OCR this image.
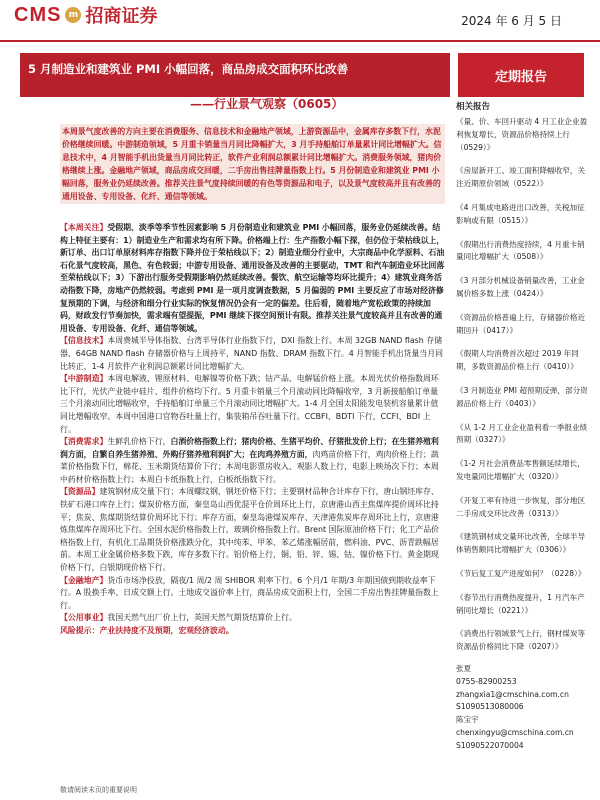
CMS m 招商证券	2024 年 6 月 5 日
5 月制造业和建筑业 PMI 小幅回落，商品房成交面积环比改善
——行业景气观察（0605）
定期报告
本周景气度改善的方向主要在消费服务、信息技术和金融地产领域，上游资源品中，金属库存多数下行，水泥价格继续回暖。中游制造领域，5 月重卡销量当月同比降幅扩大，3 月手持船舶订单量累计同比增幅扩大。信息技术中，4 月智能手机出货量当月同比转正，软件产业利润总额累计同比增幅扩大。消费服务领域，猪肉价格继续上涨。金融地产领域，商品房成交回暖，二手房出售挂牌量指数上行。5 月份制造业和建筑业 PMI 小幅回落，服务业仍延续改善。推荐关注景气度持续回暖的有色等资源品和电子，以及景气度较高并且有改善的通用设备、专用设备、化纤、通信等领域。

【本周关注】受假期、淡季等季节性因素影响 5 月份制造业和建筑业 PMI 小幅回落，服务业仍延续改善。结构上特征主要有：1）制造业生产和需求均有所下降。价格端上行：生产指数小幅下探，但仍位于荣枯线以上，新订单、出口订单原材料库存指数下降并位于荣枯线以下；2）制造业细分行业中，大宗商品中化学原料、石油石化景气度较高，黑色、有色较弱；中游专用设备、通用设备及改善的主要驱动，TMT 和汽车制造业环比回落至荣枯线以下；3）下游出行服务受假期影响仍然延续改善。餐饮、航空运输等均环比提升；4）建筑业商务活动指数下降，房地产仍然较弱。考虑到 PMI 是一项月度调查数据，5 月偏弱的 PMI 主要反应了市场对经济修复预期的下调，与经济和细分行业实际的恢复情况仍会有一定的偏差。往后看，随着地产宽松政策的持续加码，财政发行节奏加快，需求端有望提振，PMI 继续下探空间预计有限。推荐关注景气度较高并且有改善的通用设备、专用设备、化纤、通信等领域。

【信息技术】本周费城半导体指数、台湾半导体行业指数下行，DXI 指数上行。本周 32GB NAND flash 存储器、64GB NAND flash 存储器价格与上周持平，NAND 指数、DRAM 指数下行。4 月智能手机出货量当月同比转正，1-4 月软件产业利润总额累计同比增幅扩大。

【中游制造】本周电解液、锂原材料、电解镍等价格下跌；钴产品、电解锰价格上涨。本周光伏价格指数周环比下行，光伏产业链中硅片、组件价格均下行。5 月重卡销量三个月滚动同比降幅收窄，3 月新接船舶订单量三个月滚动同比增幅收窄，手持船舶订单量三个月滚动同比增幅扩大。1-4 月全国太阳能发电装机容量累计值同比增幅收窄。本周中国港口官物吞吐量上行，集装箱吊吞吐量下行。CCBFI、BDTI 下行，CCFI、BDI 上行。

【消费需求】生鲜乳价格下行，白酒价格指数上行；猪肉价格、生猪平均价、仔猪批发价上行；在生猪养殖利润方面，自繁自养生猪养殖、外购仔猪养殖利润扩大；在肉鸡养殖方面，肉鸡苗价格下行，鸡肉价格上行；蔬菜价格指数下行，棉花、玉米期货结算价下行；本周电影票房收入、观影人数上行，电影上映场次下行；本周中药材价格指数上行；本周白卡纸指数上行，白板纸指数下行。

【资源品】建筑钢材成交量下行；本周螺纹钢、钢坯价格下行；主要钢材品种合计库存下行，唐山钢坯库存、铁矿石港口库存上行；煤炭价格方面，秦皇岛山西优混平仓价周环比上行，京唐港山西主焦煤库提价周环比持平；焦炭、焦煤期货结算价周环比下行；库存方面，秦皇岛港煤炭库存、天津港焦炭库存周环比上行，京唐港炼焦煤库存周环比下行。全国水泥价格指数上行，玻璃价格指数上行。Brent 国际原油价格下行；化工产品价格指数上行，有机化工品期货价格涨跌分化，其中纯苯、甲苯、苯乙烯涨幅居前，燃料油、PVC、沥青跌幅居前。本周工业金属价格多数下跌，库存多数下行。铝价格上行，铜、铅、锌、锡、钴、镍价格下行。黄金期现价格下行，白银期现价格下行。

【金融地产】货币市场净投放，隔夜/1 周/2 周 SHIBOR 利率下行。6 个月/1 年期/3 年期国债到期收益率下行。A 股换手率、日成交额上行。土地成交溢价率上行，商品房成交面积上行，全国二手房出售挂牌量指数上行。

【公用事业】我国天然气出厂价上行，英国天然气期货结算价上行。

风险提示：产业扶持度不及预期，宏观经济波动。

敬请阅读末页的重要说明
相关报告
《量、价、车回升驱动 4 月工业企业盈利恢复增长，资源品价格持续上行（0529）》
《房屋新开工、竣工面积降幅收窄，关注近期原价领域（0522）》
《4 月集成电路进出口改善，关税加征影响或有限（0515）》
《假期出行消费热度持续，4 月重卡销量同比增幅扩大（0508）》
《3 月部分机械设备销量改善，工业金属价格多数上涨（0424）》
《资源品价格普遍上行，存储器价格近期回升（0417）》
《假期人均消费首次超过 2019 年同期，多数资源品价格上行（0410）》
《3 月制造业 PMI 超预期反弹，部分资源品价格上行（0403）》
《从 1-2 月工业企业盈利看一季报业绩预期（0327）》
《1-2 月社会消费品零售额延续增长，发电量同比增幅扩大（0320）》
《开复工率有待进一步恢复，部分地区二手房成交环比改善（0313）》
《建筑钢材成交量环比改善，全球半导体销售额同比增幅扩大（0306）》
《节后复工复产进度如何？（0228）》
《春节出行消费热度提升，1 月汽车产销同比增长（0221）》
《消费出行领域景气上行，钢材煤炭等资源品价格同比下降（0207）》
张夏
0755-82900253
zhangxia1@cmschina.com.cn
S1090513080006
陈宝宇
chenxingyu@cmschina.com.cn
S1090522070004
